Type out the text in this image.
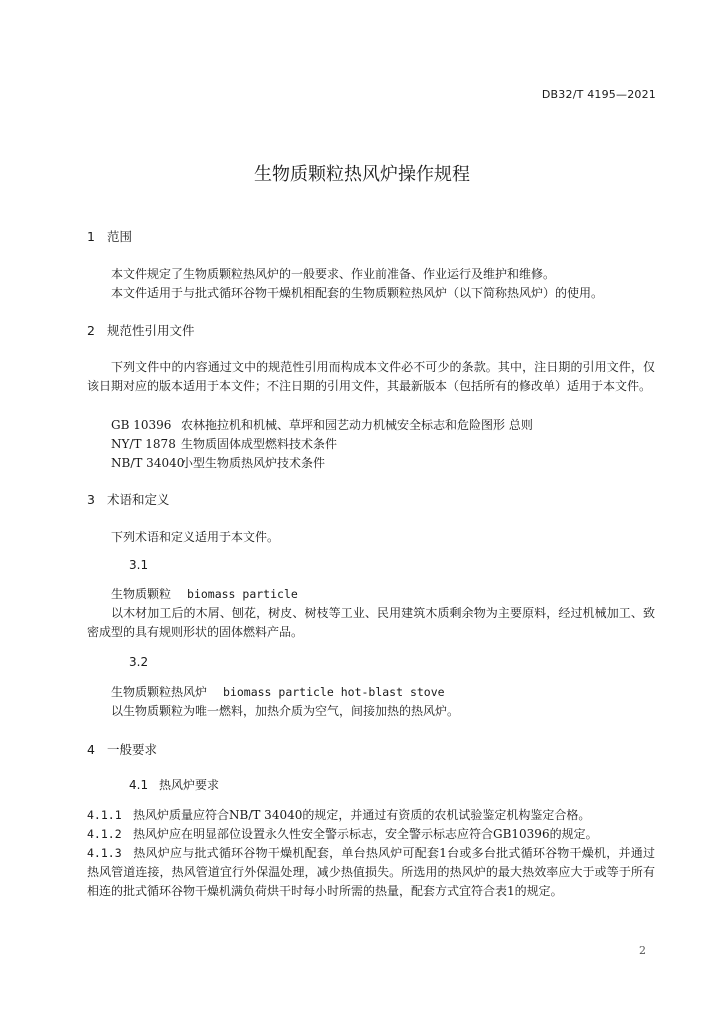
DB32/T 4195—2021
生物质颗粒热风炉操作规程
1 范围
本文件规定了生物质颗粒热风炉的一般要求、作业前准备、作业运行及维护和维修。
本文件适用于与批式循环谷物干燥机相配套的生物质颗粒热风炉（以下简称热风炉）的使用。
2 规范性引用文件
下列文件中的内容通过文中的规范性引用而构成本文件必不可少的条款。其中，注日期的引用文件，仅该日期对应的版本适用于本文件；不注日期的引用文件，其最新版本（包括所有的修改单）适用于本文件。
GB 10396 农林拖拉机和机械、草坪和园艺动力机械安全标志和危险图形 总则
NY/T 1878 生物质固体成型燃料技术条件
NB/T 34040小型生物质热风炉技术条件
3 术语和定义
下列术语和定义适用于本文件。
3.1
生物质颗粒 biomass particle
以木材加工后的木屑、刨花，树皮、树枝等工业、民用建筑木质剩余物为主要原料，经过机械加工、致密成型的具有规则形状的固体燃料产品。
3.2
生物质颗粒热风炉 biomass particle hot-blast stove
以生物质颗粒为唯一燃料，加热介质为空气，间接加热的热风炉。
4 一般要求
4.1 热风炉要求
4.1.1 热风炉质量应符合NB/T 34040的规定，并通过有资质的农机试验鉴定机构鉴定合格。
4.1.2 热风炉应在明显部位设置永久性安全警示标志，安全警示标志应符合GB10396的规定。
4.1.3 热风炉应与批式循环谷物干燥机配套，单台热风炉可配套1台或多台批式循环谷物干燥机，并通过热风管道连接，热风管道宜行外保温处理，减少热值损失。所选用的热风炉的最大热效率应大于或等于所有相连的批式循环谷物干燥机满负荷烘干时每小时所需的热量，配套方式宜符合表1的规定。
2
